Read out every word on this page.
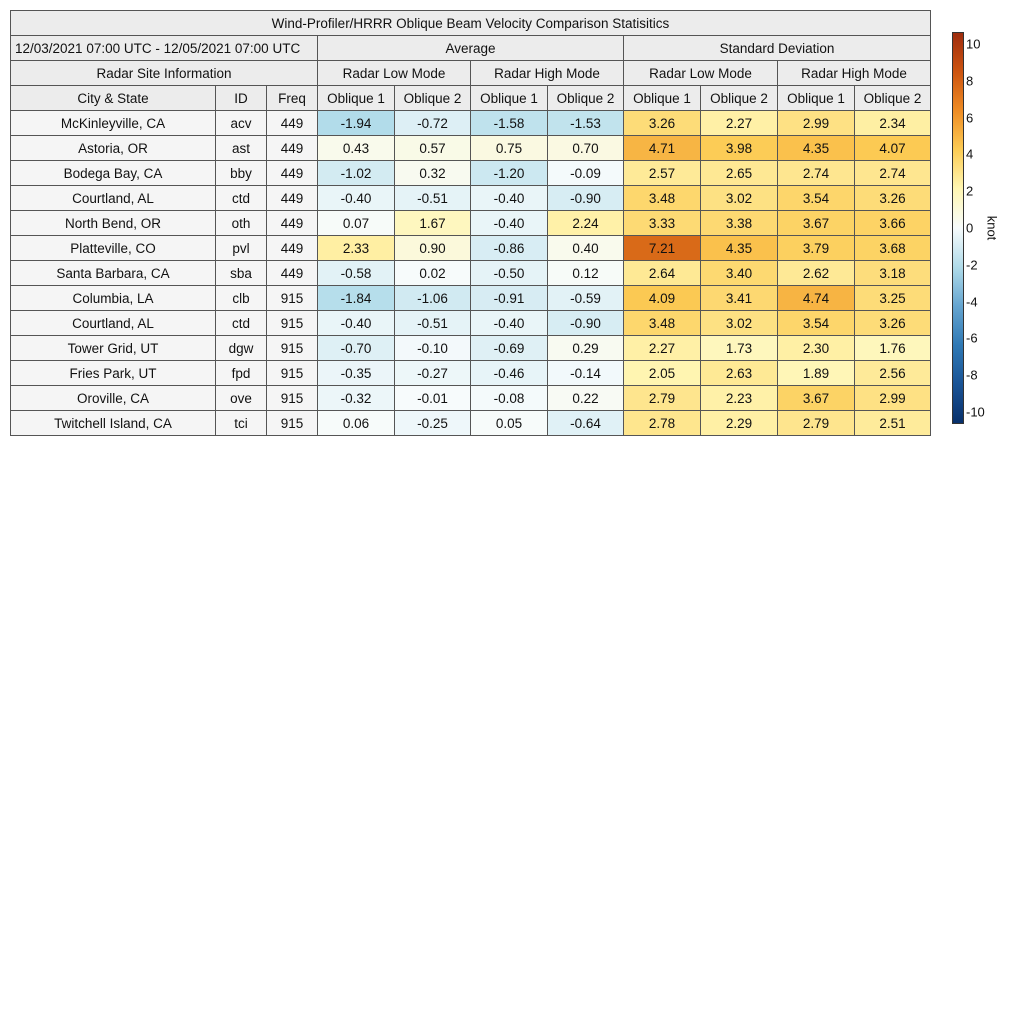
Wind-Profiler/HRRR Oblique Beam Velocity Comparison Statisitics										
12/03/2021 07:00 UTC - 12/05/2021 07:00 UTC			Average				Standard Deviation			
Radar Site Information			Radar Low Mode		Radar High Mode		Radar Low Mode		Radar High Mode	
City & State	ID	Freq	Oblique 1	Oblique 2	Oblique 1	Oblique 2	Oblique 1	Oblique 2	Oblique 1	Oblique 2
McKinleyville, CA	acv	449	-1.94	-0.72	-1.58	-1.53	3.26	2.27	2.99	2.34
Astoria, OR	ast	449	0.43	0.57	0.75	0.70	4.71	3.98	4.35	4.07
Bodega Bay, CA	bby	449	-1.02	0.32	-1.20	-0.09	2.57	2.65	2.74	2.74
Courtland, AL	ctd	449	-0.40	-0.51	-0.40	-0.90	3.48	3.02	3.54	3.26
North Bend, OR	oth	449	0.07	1.67	-0.40	2.24	3.33	3.38	3.67	3.66
Platteville, CO	pvl	449	2.33	0.90	-0.86	0.40	7.21	4.35	3.79	3.68
Santa Barbara, CA	sba	449	-0.58	0.02	-0.50	0.12	2.64	3.40	2.62	3.18
Columbia, LA	clb	915	-1.84	-1.06	-0.91	-0.59	4.09	3.41	4.74	3.25
Courtland, AL	ctd	915	-0.40	-0.51	-0.40	-0.90	3.48	3.02	3.54	3.26
Tower Grid, UT	dgw	915	-0.70	-0.10	-0.69	0.29	2.27	1.73	2.30	1.76
Fries Park, UT	fpd	915	-0.35	-0.27	-0.46	-0.14	2.05	2.63	1.89	2.56
Oroville, CA	ove	915	-0.32	-0.01	-0.08	0.22	2.79	2.23	3.67	2.99
Twitchell Island, CA	tci	915	0.06	-0.25	0.05	-0.64	2.78	2.29	2.79	2.51
10
8
6
4
2
0
-2
-4
-6
-8
-10
knot
